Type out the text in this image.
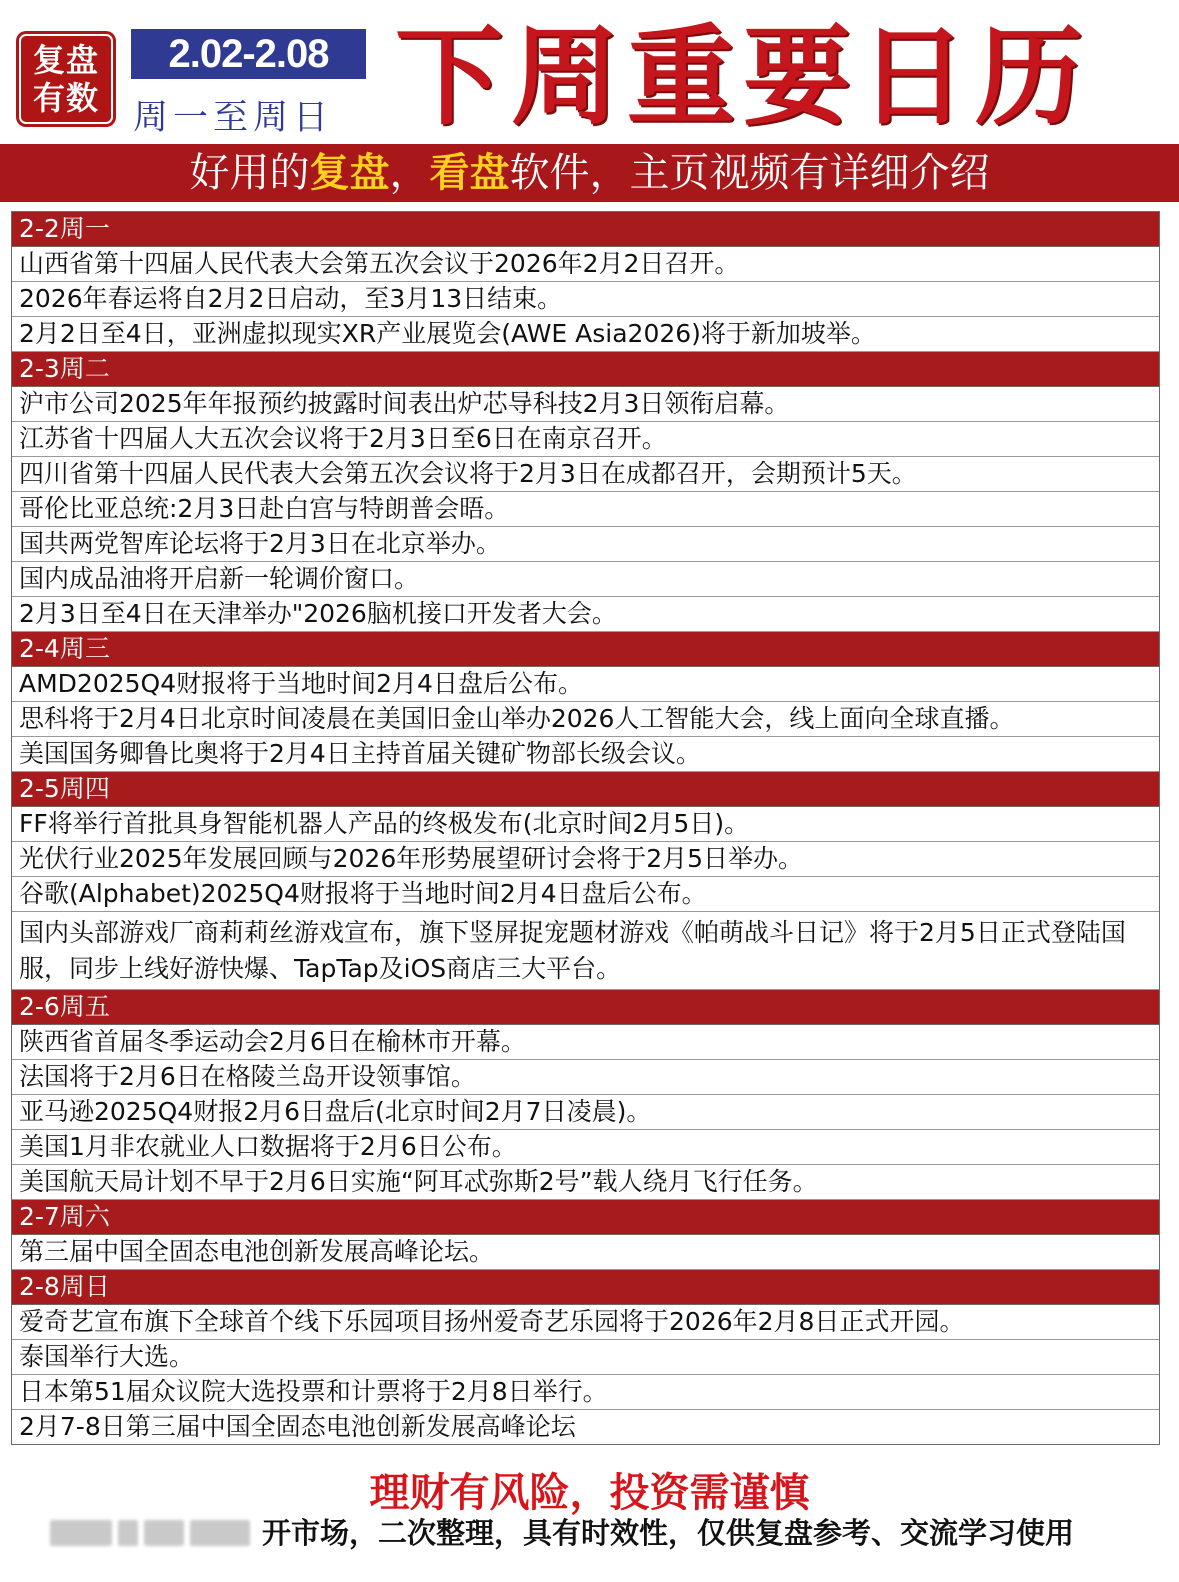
复盘
有数
2.02-2.08
周一至周日 下周重要日历
好用的复盘，看盘软件，主页视频有详细介绍
2-2周一
山西省第十四届人民代表大会第五次会议于2026年2月2日召开。
2026年春运将自2月2日启动，至3月13日结束。
2月2日至4日，亚洲虚拟现实XR产业展览会(AWE Asia2026)将于新加坡举。
2-3周二
沪市公司2025年年报预约披露时间表出炉芯导科技2月3日领衔启幕。
江苏省十四届人大五次会议将于2月3日至6日在南京召开。
四川省第十四届人民代表大会第五次会议将于2月3日在成都召开，会期预计5天。
哥伦比亚总统:2月3日赴白宫与特朗普会晤。
国共两党智库论坛将于2月3日在北京举办。
国内成品油将开启新一轮调价窗口。
2月3日至4日在天津举办"2026脑机接口开发者大会。
2-4周三
AMD2025Q4财报将于当地时间2月4日盘后公布。
思科将于2月4日北京时间凌晨在美国旧金山举办2026人工智能大会，线上面向全球直播。
美国国务卿鲁比奥将于2月4日主持首届关键矿物部长级会议。
2-5周四
FF将举行首批具身智能机器人产品的终极发布(北京时间2月5日)。
光伏行业2025年发展回顾与2026年形势展望研讨会将于2月5日举办。
谷歌(Alphabet)2025Q4财报将于当地时间2月4日盘后公布。
国内头部游戏厂商莉莉丝游戏宣布，旗下竖屏捉宠题材游戏《帕萌战斗日记》将于2月5日正式登陆国服，同步上线好游快爆、TapTap及iOS商店三大平台。
2-6周五
陕西省首届冬季运动会2月6日在榆林市开幕。
法国将于2月6日在格陵兰岛开设领事馆。
亚马逊2025Q4财报2月6日盘后(北京时间2月7日凌晨)。
美国1月非农就业人口数据将于2月6日公布。
美国航天局计划不早于2月6日实施“阿耳忒弥斯2号”载人绕月飞行任务。
2-7周六
第三届中国全固态电池创新发展高峰论坛。
2-8周日
爱奇艺宣布旗下全球首个线下乐园项目扬州爱奇艺乐园将于2026年2月8日正式开园。
泰国举行大选。
日本第51届众议院大选投票和计票将于2月8日举行。
2月7-8日第三届中国全固态电池创新发展高峰论坛
理财有风险，投资需谨慎
开市场，二次整理，具有时效性，仅供复盘参考、交流学习使用
